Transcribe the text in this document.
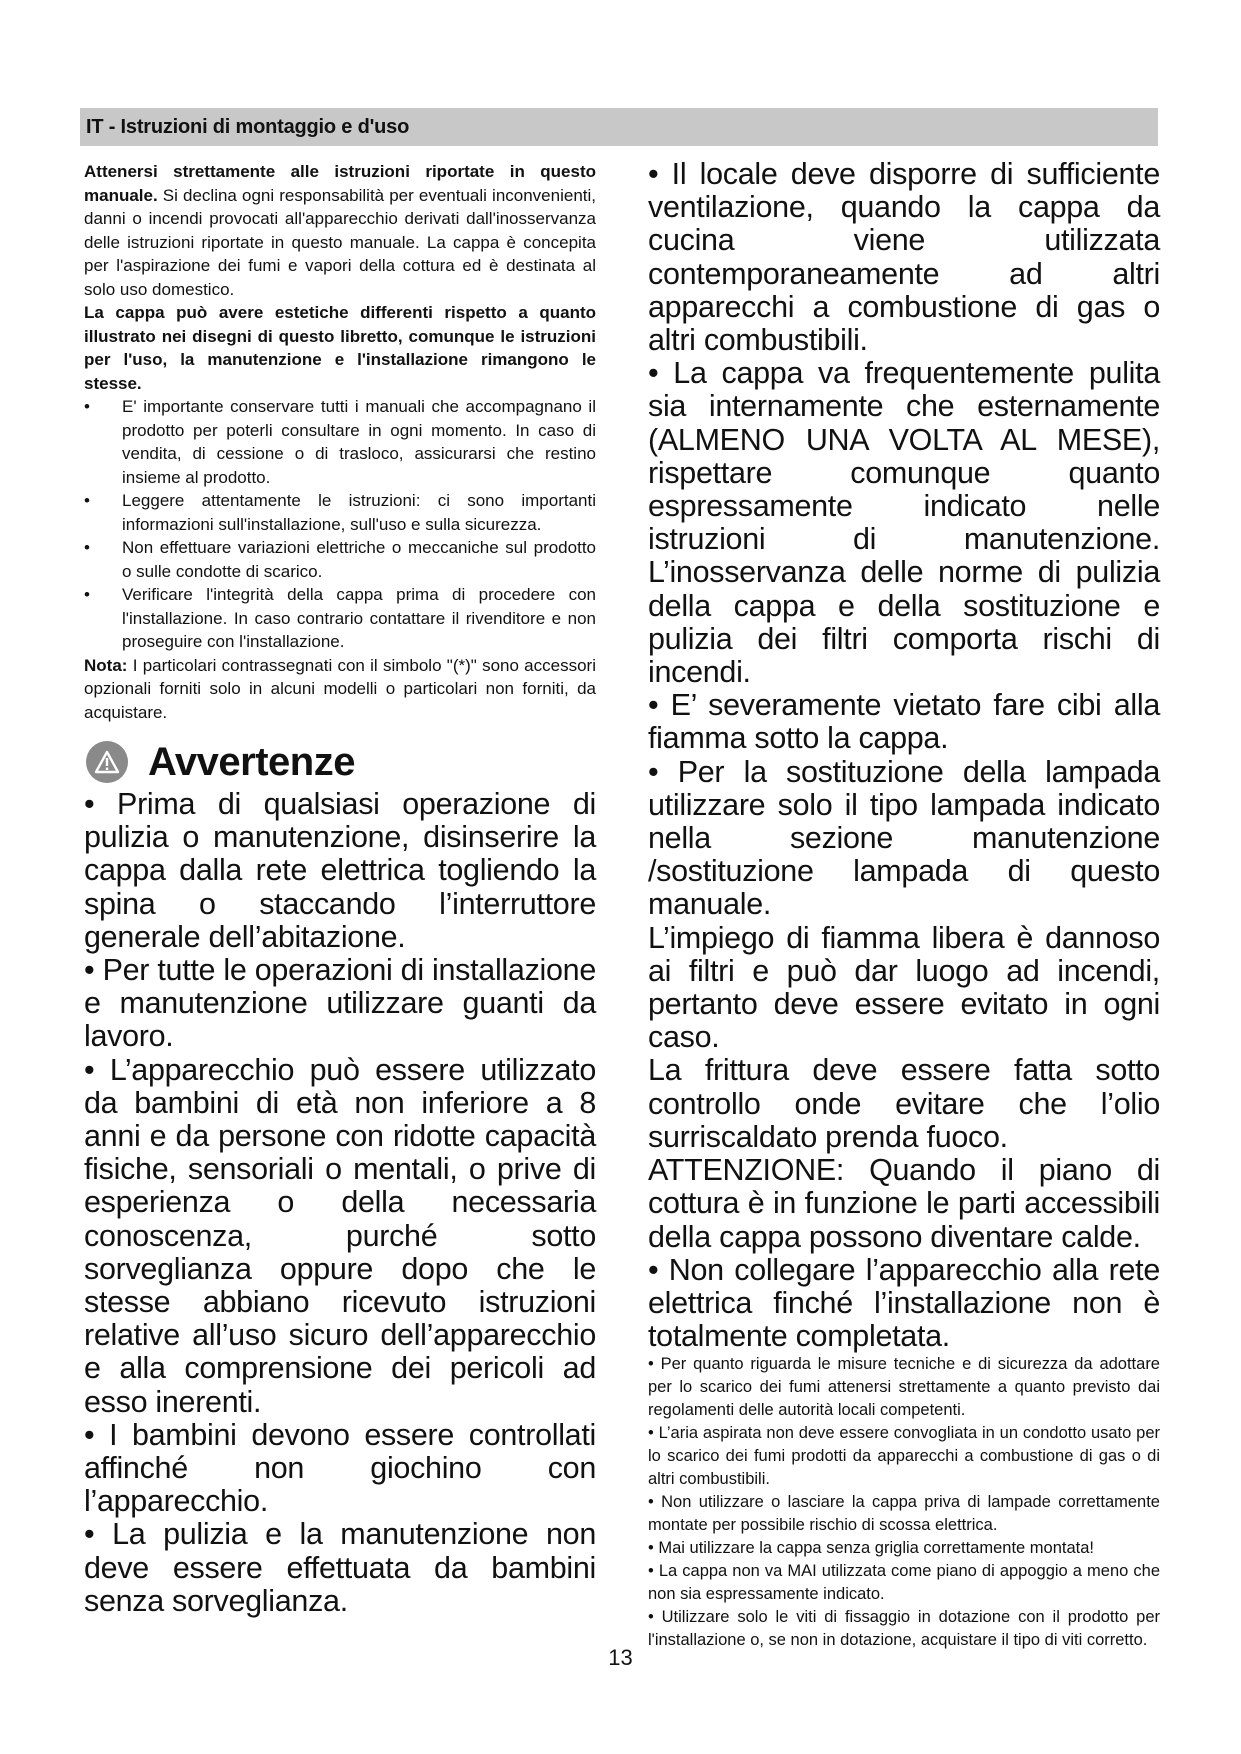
IT - Istruzioni di montaggio e d'uso

Attenersi strettamente alle istruzioni riportate in questo manuale. Si declina ogni responsabilità per eventuali inconvenienti, danni o incendi provocati all'apparecchio derivati dall'inosservanza delle istruzioni riportate in questo manuale. La cappa è concepita per l'aspirazione dei fumi e vapori della cottura ed è destinata al solo uso domestico.

La cappa può avere estetiche differenti rispetto a quanto illustrato nei disegni di questo libretto, comunque le istruzioni per l'uso, la manutenzione e l'installazione rimangono le stesse.

• E' importante conservare tutti i manuali che accompagnano il prodotto per poterli consultare in ogni momento. In caso di vendita, di cessione o di trasloco, assicurarsi che restino insieme al prodotto.
• Leggere attentamente le istruzioni: ci sono importanti informazioni sull'installazione, sull'uso e sulla sicurezza.
• Non effettuare variazioni elettriche o meccaniche sul prodotto o sulle condotte di scarico.
• Verificare l'integrità della cappa prima di procedere con l'installazione. In caso contrario contattare il rivenditore e non proseguire con l'installazione.

Nota: I particolari contrassegnati con il simbolo "(*)" sono accessori opzionali forniti solo in alcuni modelli o particolari non forniti, da acquistare.

Avvertenze

• Prima di qualsiasi operazione di pulizia o manutenzione, disinserire la cappa dalla rete elettrica togliendo la spina o staccando l’interruttore generale dell’abitazione.

• Per tutte le operazioni di installazione e manutenzione utilizzare guanti da lavoro.

• L’apparecchio può essere utilizzato da bambini di età non inferiore a 8 anni e da persone con ridotte capacità fisiche, sensoriali o mentali, o prive di esperienza o della necessaria conoscenza, purché sotto sorveglianza oppure dopo che le stesse abbiano ricevuto istruzioni relative all’uso sicuro dell’apparecchio e alla comprensione dei pericoli ad esso inerenti.

• I bambini devono essere controllati affinché non giochino con l’apparecchio.

• La pulizia e la manutenzione non deve essere effettuata da bambini senza sorveglianza.

• Il locale deve disporre di sufficiente ventilazione, quando la cappa da cucina viene utilizzata contemporaneamente ad altri apparecchi a combustione di gas o altri combustibili.

• La cappa va frequentemente pulita sia internamente che esternamente (ALMENO UNA VOLTA AL MESE), rispettare comunque quanto espressamente indicato nelle istruzioni di manutenzione. L’inosservanza delle norme di pulizia della cappa e della sostituzione e pulizia dei filtri comporta rischi di incendi.

• E’ severamente vietato fare cibi alla fiamma sotto la cappa.

• Per la sostituzione della lampada utilizzare solo il tipo lampada indicato nella sezione manutenzione /sostituzione lampada di questo manuale.

L’impiego di fiamma libera è dannoso ai filtri e può dar luogo ad incendi, pertanto deve essere evitato in ogni caso.

La frittura deve essere fatta sotto controllo onde evitare che l’olio surriscaldato prenda fuoco.

ATTENZIONE: Quando il piano di cottura è in funzione le parti accessibili della cappa possono diventare calde.

• Non collegare l’apparecchio alla rete elettrica finché l’installazione non è totalmente completata.

• Per quanto riguarda le misure tecniche e di sicurezza da adottare per lo scarico dei fumi attenersi strettamente a quanto previsto dai regolamenti delle autorità locali competenti.

• L’aria aspirata non deve essere convogliata in un condotto usato per lo scarico dei fumi prodotti da apparecchi a combustione di gas o di altri combustibili.

• Non utilizzare o lasciare la cappa priva di lampade correttamente montate per possibile rischio di scossa elettrica.

• Mai utilizzare la cappa senza griglia correttamente montata!

• La cappa non va MAI utilizzata come piano di appoggio a meno che non sia espressamente indicato.

• Utilizzare solo le viti di fissaggio in dotazione con il prodotto per l'installazione o, se non in dotazione, acquistare il tipo di viti corretto.

13
